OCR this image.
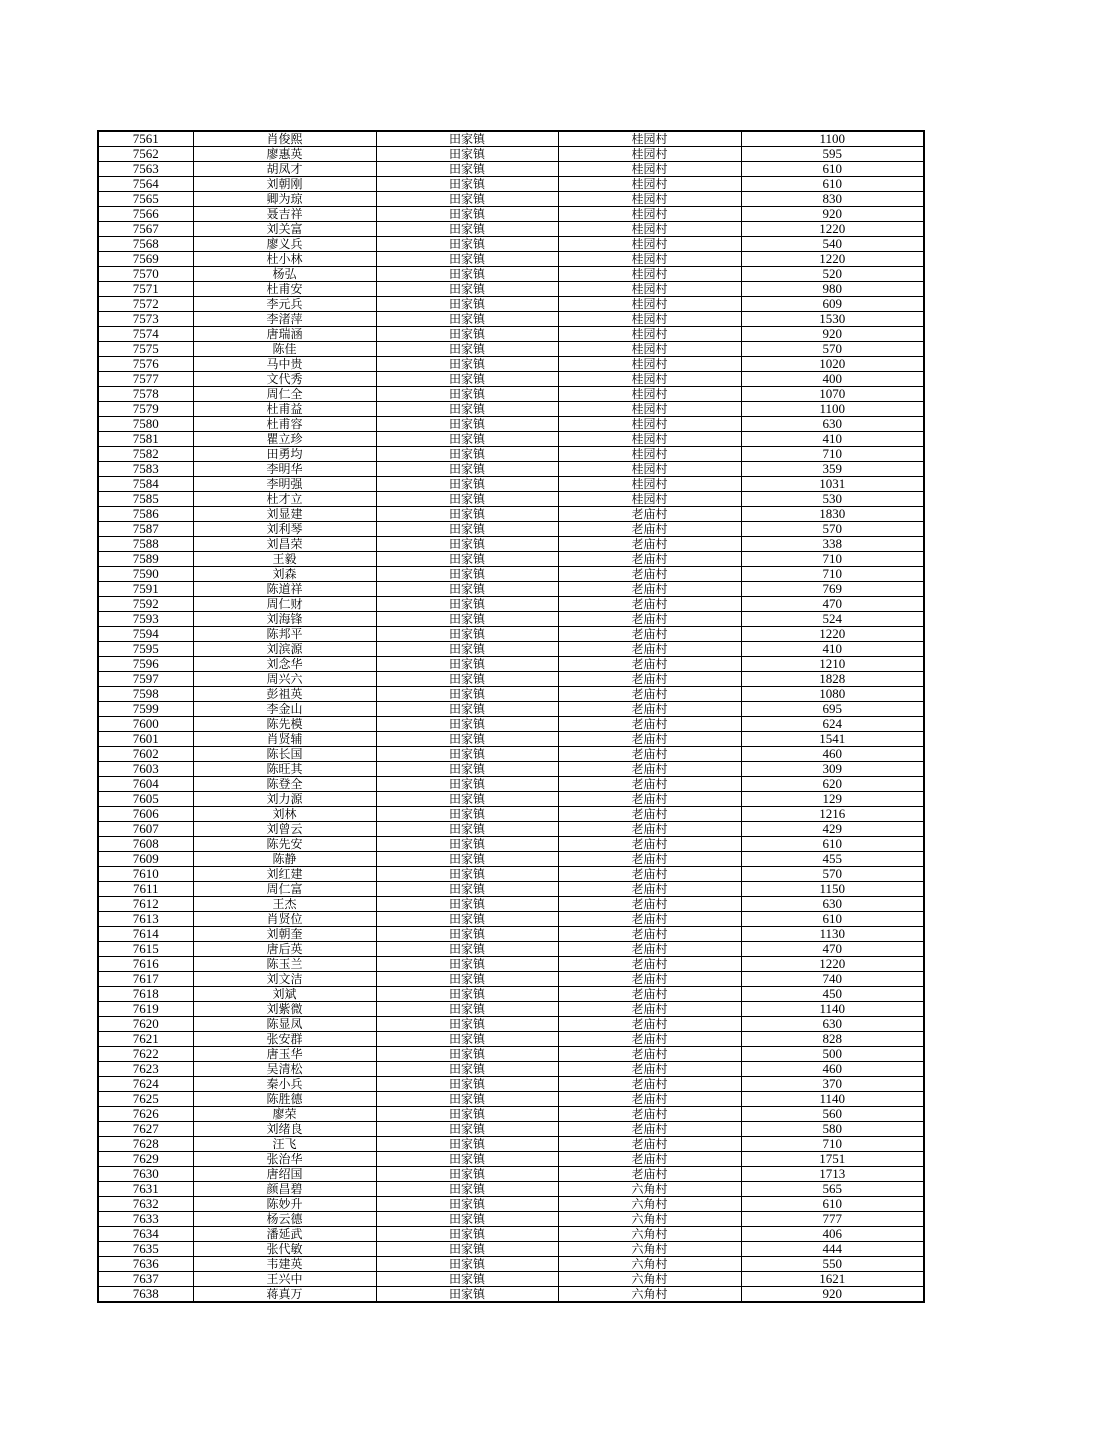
7561	肖俊熙	田家镇	桂园村	1100
7562	廖惠英	田家镇	桂园村	595
7563	胡凤才	田家镇	桂园村	610
7564	刘朝刚	田家镇	桂园村	610
7565	卿为琼	田家镇	桂园村	830
7566	聂吉祥	田家镇	桂园村	920
7567	刘关富	田家镇	桂园村	1220
7568	廖义兵	田家镇	桂园村	540
7569	杜小林	田家镇	桂园村	1220
7570	杨弘	田家镇	桂园村	520
7571	杜甫安	田家镇	桂园村	980
7572	李元兵	田家镇	桂园村	609
7573	李渚萍	田家镇	桂园村	1530
7574	唐瑞涵	田家镇	桂园村	920
7575	陈佳	田家镇	桂园村	570
7576	马中贵	田家镇	桂园村	1020
7577	文代秀	田家镇	桂园村	400
7578	周仁全	田家镇	桂园村	1070
7579	杜甫益	田家镇	桂园村	1100
7580	杜甫容	田家镇	桂园村	630
7581	瞿立珍	田家镇	桂园村	410
7582	田勇均	田家镇	桂园村	710
7583	李明华	田家镇	桂园村	359
7584	李明强	田家镇	桂园村	1031
7585	杜才立	田家镇	桂园村	530
7586	刘显建	田家镇	老庙村	1830
7587	刘利琴	田家镇	老庙村	570
7588	刘昌荣	田家镇	老庙村	338
7589	王毅	田家镇	老庙村	710
7590	刘森	田家镇	老庙村	710
7591	陈道祥	田家镇	老庙村	769
7592	周仁财	田家镇	老庙村	470
7593	刘海锋	田家镇	老庙村	524
7594	陈邦平	田家镇	老庙村	1220
7595	刘滨源	田家镇	老庙村	410
7596	刘念华	田家镇	老庙村	1210
7597	周兴六	田家镇	老庙村	1828
7598	彭祖英	田家镇	老庙村	1080
7599	李金山	田家镇	老庙村	695
7600	陈先模	田家镇	老庙村	624
7601	肖贤辅	田家镇	老庙村	1541
7602	陈长国	田家镇	老庙村	460
7603	陈旺其	田家镇	老庙村	309
7604	陈登全	田家镇	老庙村	620
7605	刘力源	田家镇	老庙村	129
7606	刘林	田家镇	老庙村	1216
7607	刘曾云	田家镇	老庙村	429
7608	陈先安	田家镇	老庙村	610
7609	陈静	田家镇	老庙村	455
7610	刘红建	田家镇	老庙村	570
7611	周仁富	田家镇	老庙村	1150
7612	王杰	田家镇	老庙村	630
7613	肖贤位	田家镇	老庙村	610
7614	刘朝奎	田家镇	老庙村	1130
7615	唐后英	田家镇	老庙村	470
7616	陈玉兰	田家镇	老庙村	1220
7617	刘文洁	田家镇	老庙村	740
7618	刘斌	田家镇	老庙村	450
7619	刘紫微	田家镇	老庙村	1140
7620	陈显凤	田家镇	老庙村	630
7621	张安群	田家镇	老庙村	828
7622	唐玉华	田家镇	老庙村	500
7623	吴清松	田家镇	老庙村	460
7624	秦小兵	田家镇	老庙村	370
7625	陈胜德	田家镇	老庙村	1140
7626	廖荣	田家镇	老庙村	560
7627	刘绪良	田家镇	老庙村	580
7628	汪飞	田家镇	老庙村	710
7629	张治华	田家镇	老庙村	1751
7630	唐绍国	田家镇	老庙村	1713
7631	颜昌碧	田家镇	六角村	565
7632	陈妙升	田家镇	六角村	610
7633	杨云德	田家镇	六角村	777
7634	潘延武	田家镇	六角村	406
7635	张代敏	田家镇	六角村	444
7636	韦建英	田家镇	六角村	550
7637	王兴中	田家镇	六角村	1621
7638	蒋真万	田家镇	六角村	920
